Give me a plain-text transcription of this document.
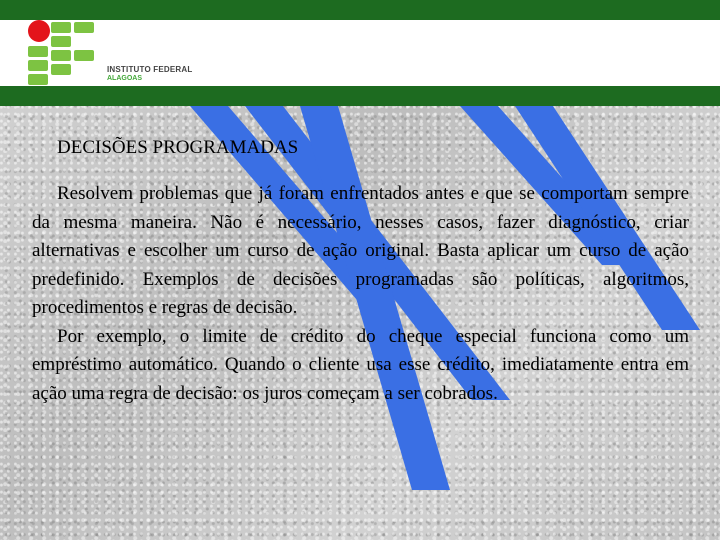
INSTITUTO FEDERAL
ALAGOAS
DECISÕES PROGRAMADAS

Resolvem problemas que já foram enfrentados antes e que se comportam sempre da mesma maneira. Não é necessário, nesses casos, fazer diagnóstico, criar alternativas e escolher um curso de ação original. Basta aplicar um curso de ação predefinido. Exemplos de decisões programadas são políticas, algoritmos, procedimentos e regras de decisão.

Por exemplo, o limite de crédito do cheque especial funciona como um empréstimo automático. Quando o cliente usa esse crédito, imediatamente entra em ação uma regra de decisão: os juros começam a ser cobrados.
